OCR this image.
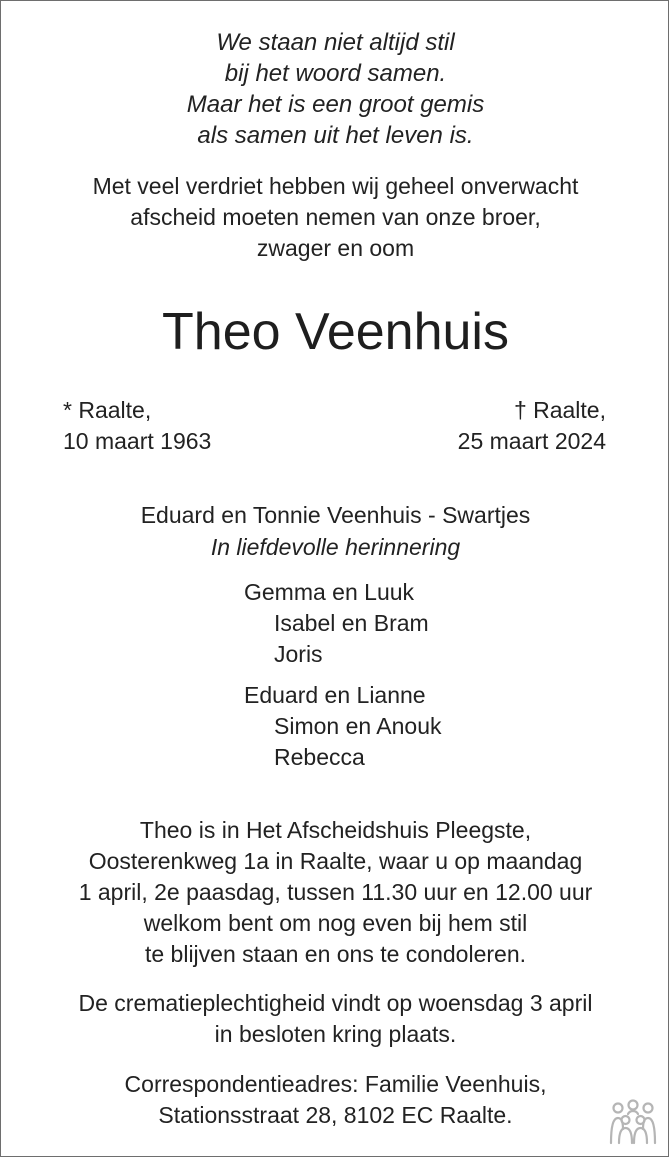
We staan niet altijd stil
bij het woord samen.
Maar het is een groot gemis
als samen uit het leven is.
Met veel verdriet hebben wij geheel onverwacht
afscheid moeten nemen van onze broer,
zwager en oom
Theo Veenhuis
* Raalte,
10 maart 1963
† Raalte,
25 maart 2024
Eduard en Tonnie Veenhuis - Swartjes
In liefdevolle herinnering
Gemma en Luuk
Isabel en Bram
Joris
Eduard en Lianne
Simon en Anouk
Rebecca
Theo is in Het Afscheidshuis Pleegste,
Oosterenkweg 1a in Raalte, waar u op maandag
1 april, 2e paasdag, tussen 11.30 uur en 12.00 uur
welkom bent om nog even bij hem stil
te blijven staan en ons te condoleren.
De crematieplechtigheid vindt op woensdag 3 april
in besloten kring plaats.
Correspondentieadres: Familie Veenhuis,
Stationsstraat 28, 8102 EC Raalte.
